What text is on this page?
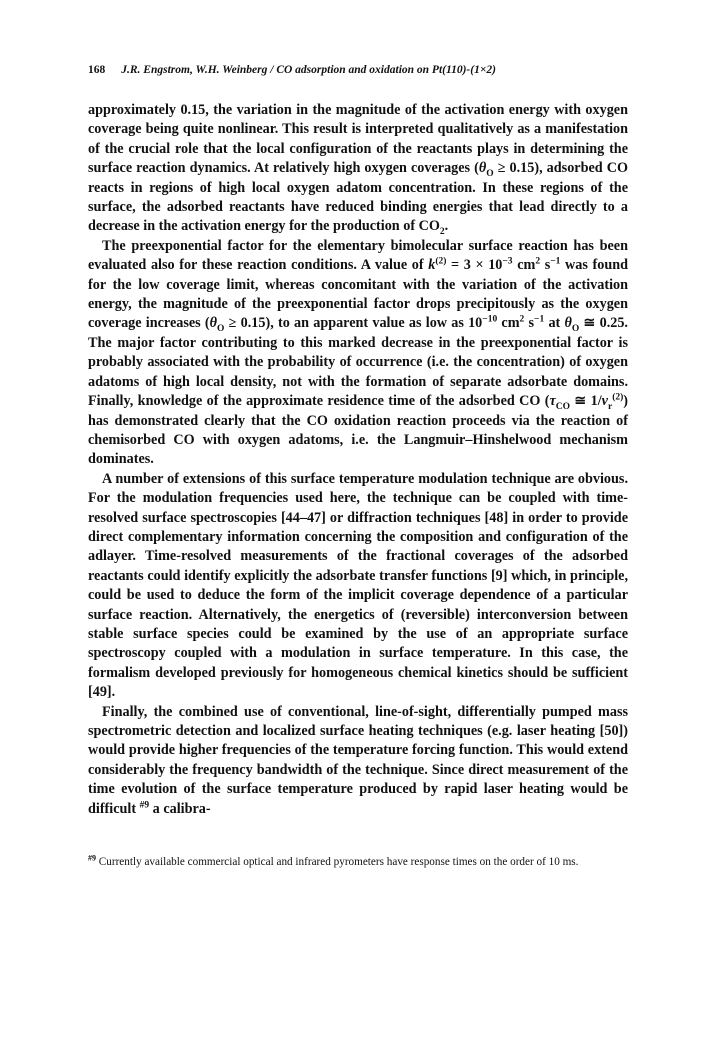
168 J.R. Engstrom, W.H. Weinberg / CO adsorption and oxidation on Pt(110)-(1×2)

approximately 0.15, the variation in the magnitude of the activation energy with oxygen coverage being quite nonlinear. This result is interpreted qualitatively as a manifestation of the crucial role that the local configuration of the reactants plays in determining the surface reaction dynamics. At relatively high oxygen coverages $(\theta_O \ge 0.15)$, adsorbed CO reacts in regions of high local oxygen adatom concentration. In these regions of the surface, the adsorbed reactants have reduced binding energies that lead directly to a decrease in the activation energy for the production of $CO_2$.

The preexponential factor for the elementary bimolecular surface reaction has been evaluated also for these reaction conditions. A value of $k^{(2)} = 3 \times 10^{-3}$ $cm^2$ $s^{-1}$ was found for the low coverage limit, whereas concomitant with the variation of the activation energy, the magnitude of the preexponential factor drops precipitously as the oxygen coverage increases $(\theta_O \ge 0.15)$, to an apparent value as low as $10^{-10}$ $cm^2$ $s^{-1}$ at $\theta_O$ ≅ 0.25. The major factor contributing to this marked decrease in the preexponential factor is probably associated with the probability of occurrence (i.e. the concentration) of oxygen adatoms of high local density, not with the formation of separate adsorbate domains. Finally, knowledge of the approximate residence time of the adsorbed CO ($\tau_{CO}$ ≅ $1/\nu_r^{(2)}$) has demonstrated clearly that the CO oxidation reaction proceeds via the reaction of chemisorbed CO with oxygen adatoms, i.e. the Langmuir–Hinshelwood mechanism dominates.

A number of extensions of this surface temperature modulation technique are obvious. For the modulation frequencies used here, the technique can be coupled with time-resolved surface spectroscopies [44–47] or diffraction techniques [48] in order to provide direct complementary information concerning the composition and configuration of the adlayer. Time-resolved measurements of the fractional coverages of the adsorbed reactants could identify explicitly the adsorbate transfer functions [9] which, in principle, could be used to deduce the form of the implicit coverage dependence of a particular surface reaction. Alternatively, the energetics of (reversible) interconversion between stable surface species could be examined by the use of an appropriate surface spectroscopy coupled with a modulation in surface temperature. In this case, the formalism developed previously for homogeneous chemical kinetics should be sufficient [49].

Finally, the combined use of conventional, line-of-sight, differentially pumped mass spectrometric detection and localized surface heating techniques (e.g. laser heating [50]) would provide higher frequencies of the temperature forcing function. This would extend considerably the frequency bandwidth of the technique. Since direct measurement of the time evolution of the surface temperature produced by rapid laser heating would be difficult $^{\#9}$ a calibra-

$^{\#9}$ Currently available commercial optical and infrared pyrometers have response times on the order of 10 ms.
